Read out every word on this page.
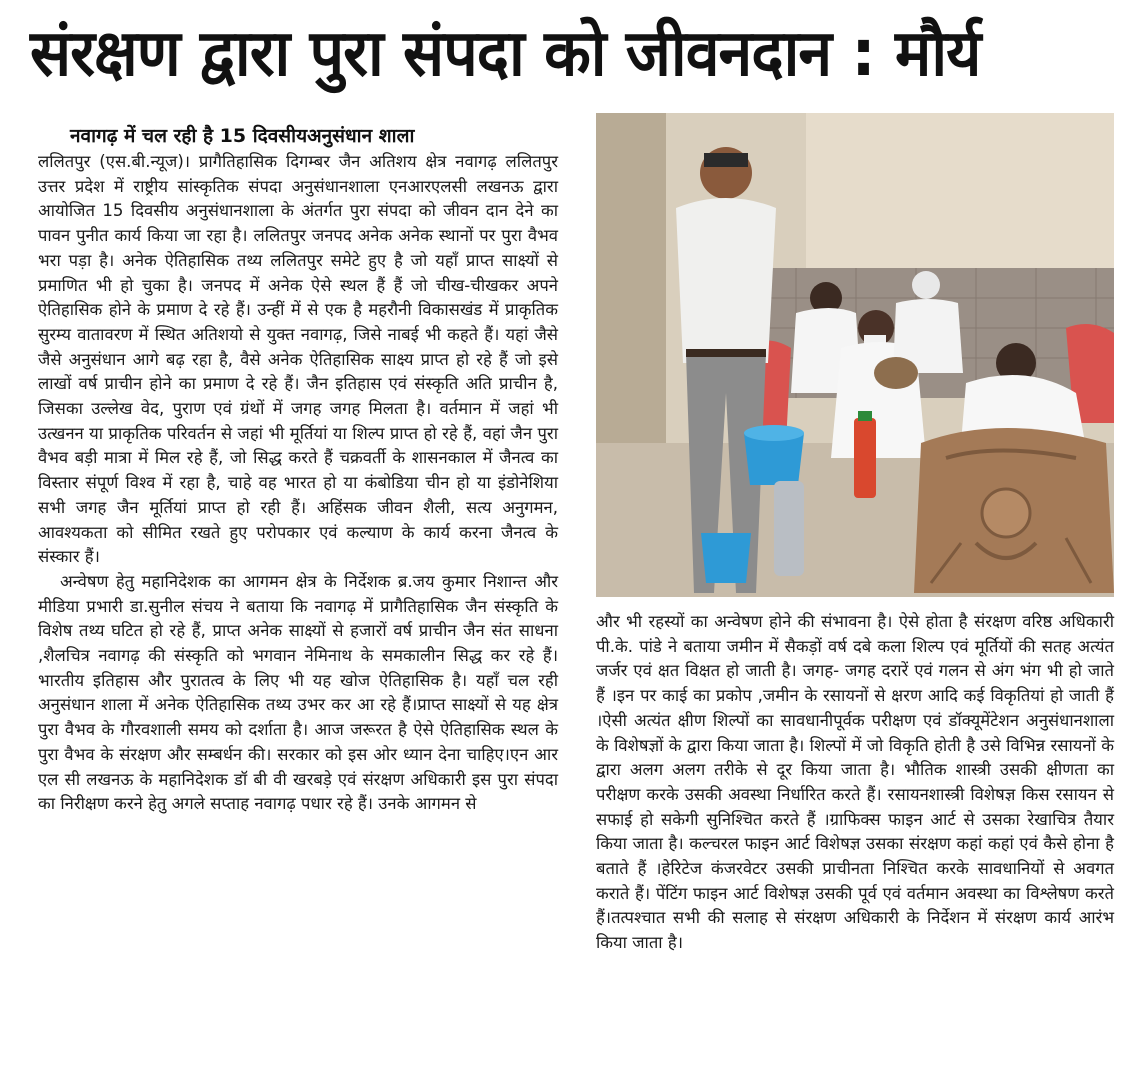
संरक्षण द्वारा पुरा संपदा को जीवनदान : मौर्य
नवागढ़ में चल रही है 15 दिवसीयअनुसंधान शाला

ललितपुर (एस.बी.न्यूज)। प्रागैतिहासिक दिगम्बर जैन अतिशय क्षेत्र नवागढ़ ललितपुर उत्तर प्रदेश में राष्ट्रीय सांस्कृतिक संपदा अनुसंधानशाला एनआरएलसी लखनऊ द्वारा आयोजित 15 दिवसीय अनुसंधानशाला के अंतर्गत पुरा संपदा को जीवन दान देने का पावन पुनीत कार्य किया जा रहा है। ललितपुर जनपद अनेक अनेक स्थानों पर पुरा वैभव भरा पड़ा है। अनेक ऐतिहासिक तथ्य ललितपुर समेटे हुए है जो यहाँ प्राप्त साक्ष्यों से प्रमाणित भी हो चुका है। जनपद में अनेक ऐसे स्थल हैं हैं जो चीख-चीखकर अपने ऐतिहासिक होने के प्रमाण दे रहे हैं। उन्हीं में से एक है महरौनी विकासखंड में प्राकृतिक सुरम्य वातावरण में स्थित अतिशयो से युक्त नवागढ़, जिसे नाबई भी कहते हैं। यहां जैसे जैसे अनुसंधान आगे बढ़ रहा है, वैसे अनेक ऐतिहासिक साक्ष्य प्राप्त हो रहे हैं जो इसे लाखों वर्ष प्राचीन होने का प्रमाण दे रहे हैं। जैन इतिहास एवं संस्कृति अति प्राचीन है, जिसका उल्लेख वेद, पुराण एवं ग्रंथों में जगह जगह मिलता है। वर्तमान में जहां भी उत्खनन या प्राकृतिक परिवर्तन से जहां भी मूर्तियां या शिल्प प्राप्त हो रहे हैं, वहां जैन पुरा वैभव बड़ी मात्रा में मिल रहे हैं, जो सिद्ध करते हैं चक्रवर्ती के शासनकाल में जैनत्व का विस्तार संपूर्ण विश्व में रहा है, चाहे वह भारत हो या कंबोडिया चीन हो या इंडोनेशिया सभी जगह जैन मूर्तियां प्राप्त हो रही हैं। अहिंसक जीवन शैली, सत्य अनुगमन, आवश्यकता को सीमित रखते हुए परोपकार एवं कल्याण के कार्य करना जैनत्व के संस्कार हैं।

अन्वेषण हेतु महानिदेशक का आगमन क्षेत्र के निर्देशक ब्र.जय कुमार निशान्त और मीडिया प्रभारी डा.सुनील संचय ने बताया कि नवागढ़ में प्रागैतिहासिक जैन संस्कृति के विशेष तथ्य घटित हो रहे हैं, प्राप्त अनेक साक्ष्यों से हजारों वर्ष प्राचीन जैन संत साधना ,शैलचित्र नवागढ़ की संस्कृति को भगवान नेमिनाथ के समकालीन सिद्ध कर रहे हैं। भारतीय इतिहास और पुरातत्व के लिए भी यह खोज ऐतिहासिक है। यहाँ चल रही अनुसंधान शाला में अनेक ऐतिहासिक तथ्य उभर कर आ रहे हैं।प्राप्त साक्ष्यों से यह क्षेत्र पुरा वैभव के गौरवशाली समय को दर्शाता है। आज जरूरत है ऐसे ऐतिहासिक स्थल के पुरा वैभव के संरक्षण और सम्बर्धन की। सरकार को इस ओर ध्यान देना चाहिए।एन आर एल सी लखनऊ के महानिदेशक डॉ बी वी खरबड़े एवं संरक्षण अधिकारी इस पुरा संपदा का निरीक्षण करने हेतु अगले सप्ताह नवागढ़ पधार रहे हैं। उनके आगमन से

और भी रहस्यों का अन्वेषण होने की संभावना है। ऐसे होता है संरक्षण वरिष्ठ अधिकारी पी.के. पांडे ने बताया जमीन में सैकड़ों वर्ष दबे कला शिल्प एवं मूर्तियों की सतह अत्यंत जर्जर एवं क्षत विक्षत हो जाती है। जगह- जगह दरारें एवं गलन से अंग भंग भी हो जाते हैं ।इन पर काई का प्रकोप ,जमीन के रसायनों से क्षरण आदि कई विकृतियां हो जाती हैं ।ऐसी अत्यंत क्षीण शिल्पों का सावधानीपूर्वक परीक्षण एवं डॉक्यूमेंटेशन अनुसंधानशाला के विशेषज्ञों के द्वारा किया जाता है। शिल्पों में जो विकृति होती है उसे विभिन्न रसायनों के द्वारा अलग अलग तरीके से दूर किया जाता है। भौतिक शास्त्री उसकी क्षीणता का परीक्षण करके उसकी अवस्था निर्धारित करते हैं। रसायनशास्त्री विशेषज्ञ किस रसायन से सफाई हो सकेगी सुनिश्चित करते हैं ।ग्राफिक्स फाइन आर्ट से उसका रेखाचित्र तैयार किया जाता है। कल्चरल फाइन आर्ट विशेषज्ञ उसका संरक्षण कहां कहां एवं कैसे होना है बताते हैं ।हेरिटेज कंजरवेटर उसकी प्राचीनता निश्चित करके सावधानियों से अवगत कराते हैं। पेंटिंग फाइन आर्ट विशेषज्ञ उसकी पूर्व एवं वर्तमान अवस्था का विश्लेषण करते हैं।तत्पश्चात सभी की सलाह से संरक्षण अधिकारी के निर्देशन में संरक्षण कार्य आरंभ किया जाता है।
